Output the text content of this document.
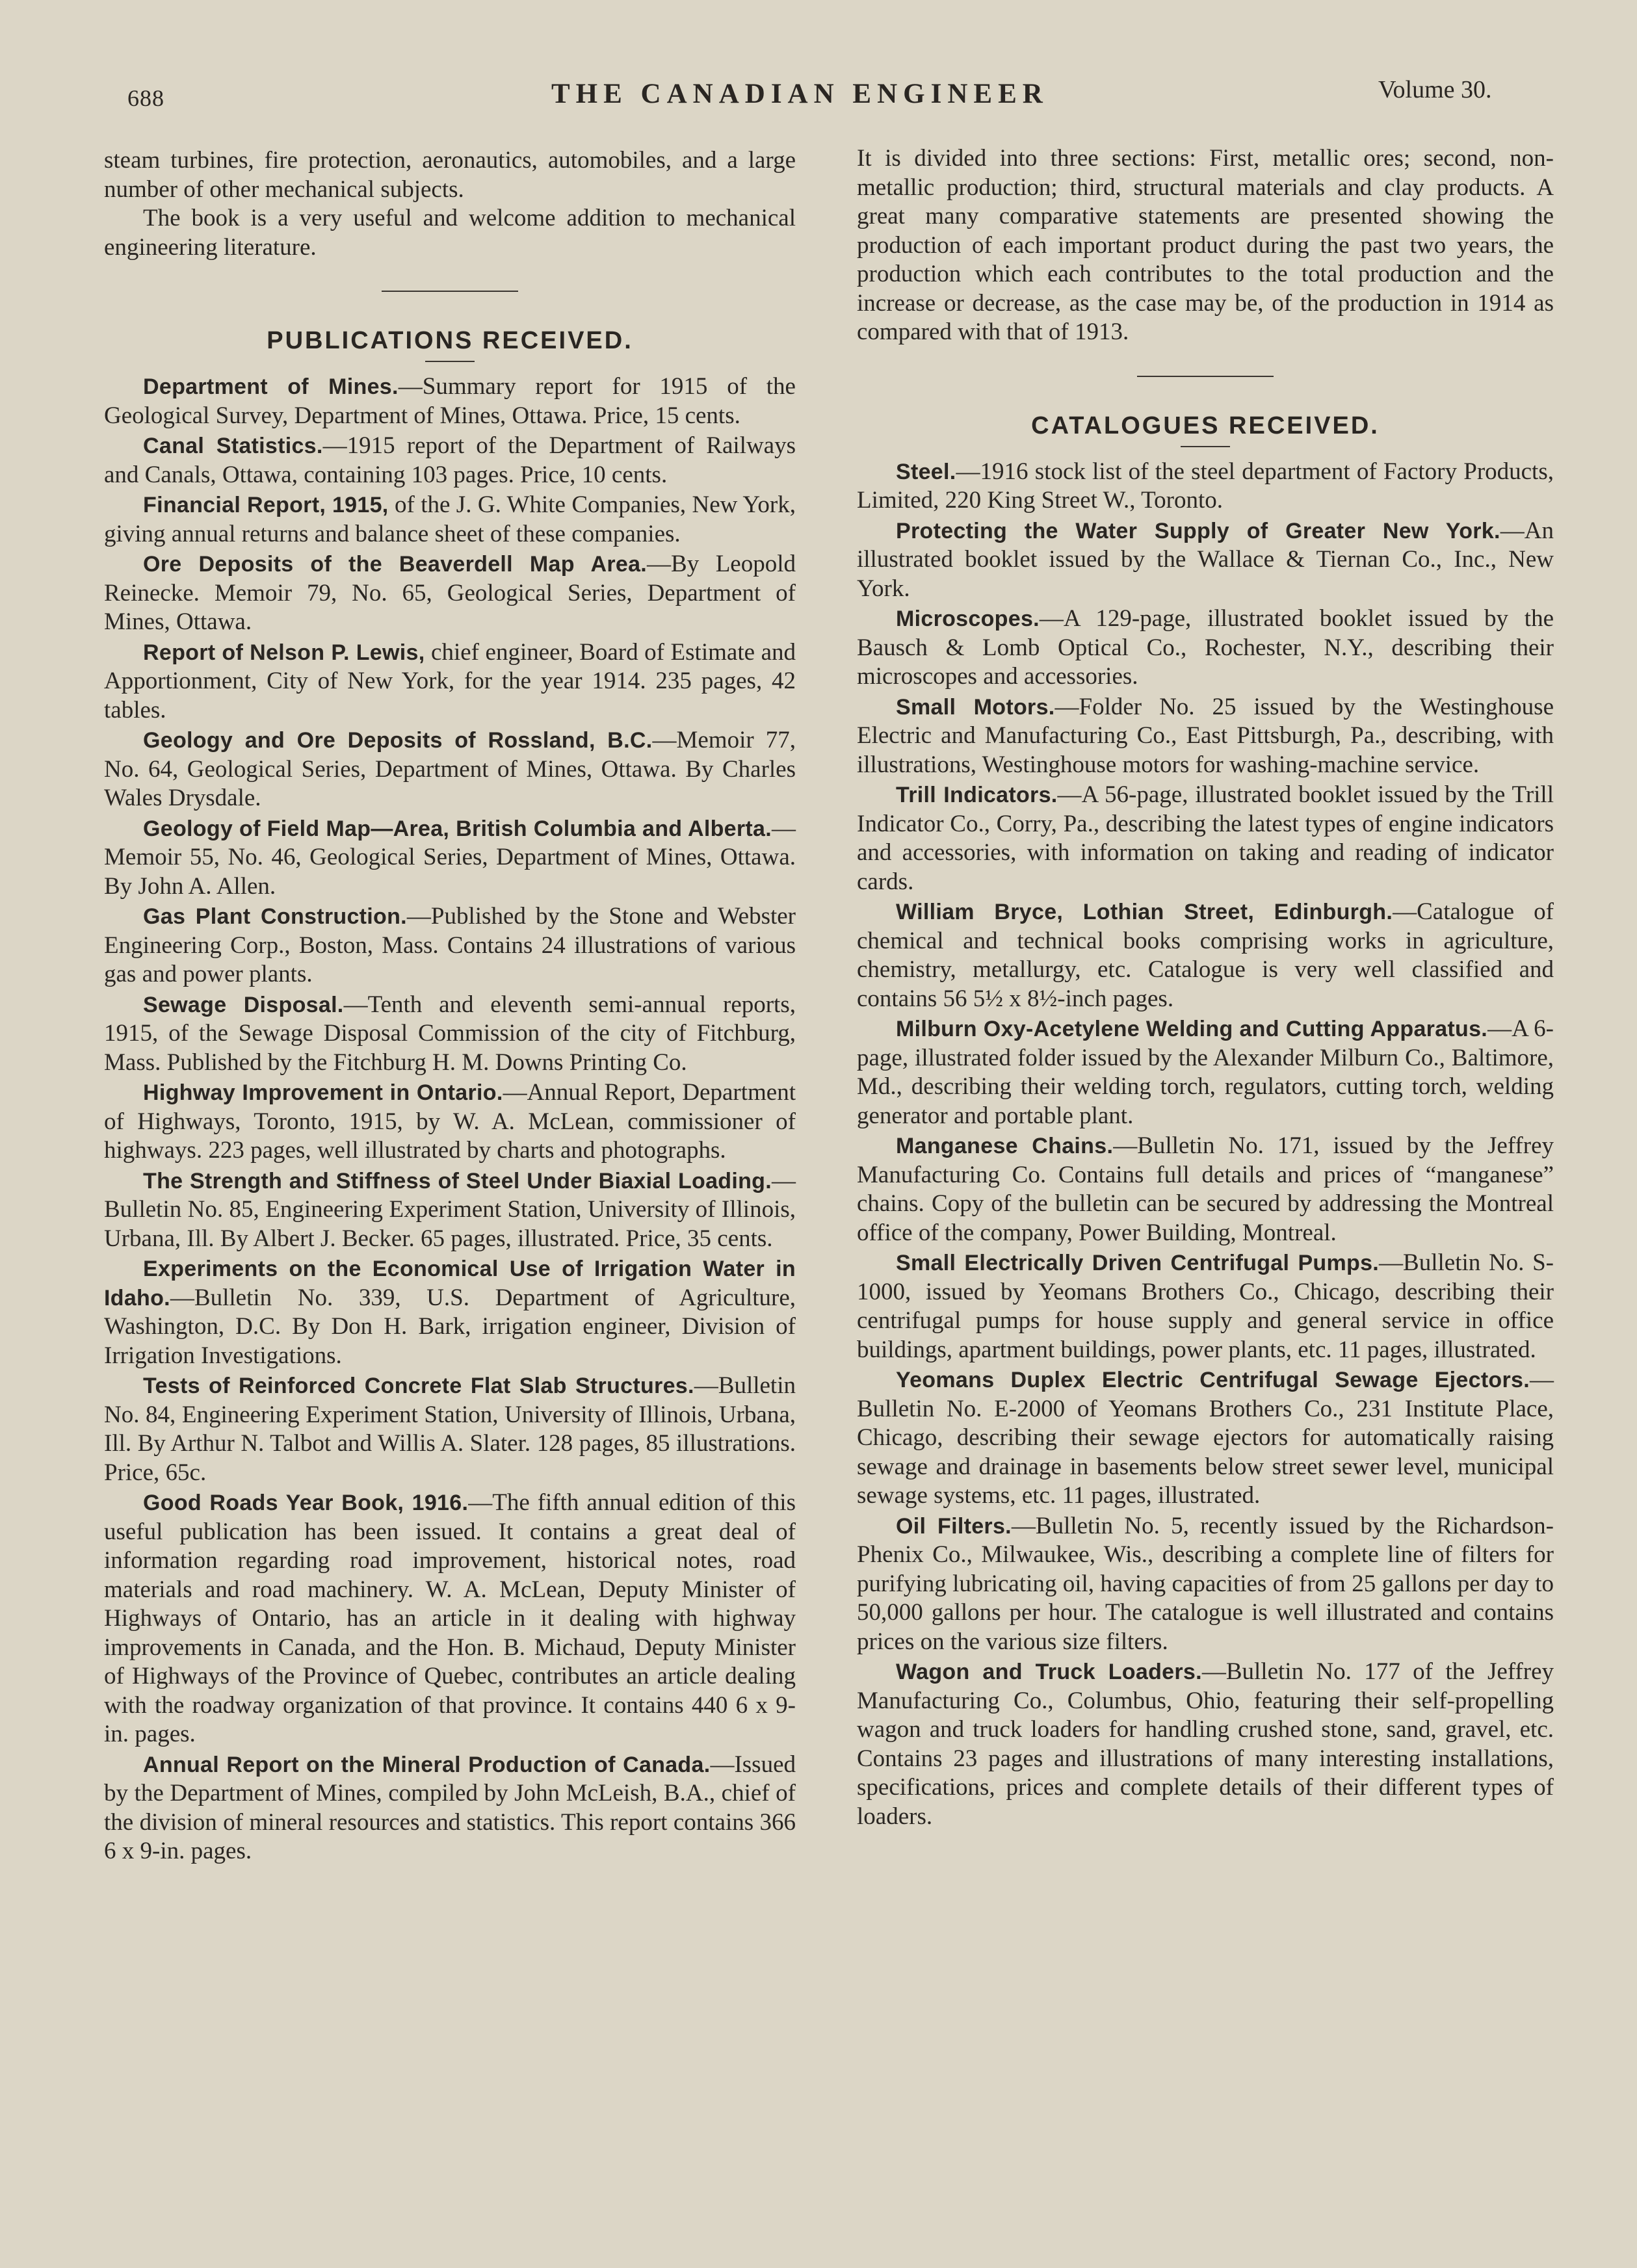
688	THE CANADIAN ENGINEER	Volume 30.

steam turbines, fire protection, aeronautics, automobiles, and a large number of other mechanical subjects.

The book is a very useful and welcome addition to mechanical engineering literature.

PUBLICATIONS RECEIVED.

Department of Mines.—Summary report for 1915 of the Geological Survey, Department of Mines, Ottawa. Price, 15 cents.

Canal Statistics.—1915 report of the Department of Railways and Canals, Ottawa, containing 103 pages. Price, 10 cents.

Financial Report, 1915, of the J. G. White Companies, New York, giving annual returns and balance sheet of these companies.

Ore Deposits of the Beaverdell Map Area.—By Leopold Reinecke. Memoir 79, No. 65, Geological Series, Department of Mines, Ottawa.

Report of Nelson P. Lewis, chief engineer, Board of Estimate and Apportionment, City of New York, for the year 1914. 235 pages, 42 tables.

Geology and Ore Deposits of Rossland, B.C.—Memoir 77, No. 64, Geological Series, Department of Mines, Ottawa. By Charles Wales Drysdale.

Geology of Field Map—Area, British Columbia and Alberta.—Memoir 55, No. 46, Geological Series, Department of Mines, Ottawa. By John A. Allen.

Gas Plant Construction.—Published by the Stone and Webster Engineering Corp., Boston, Mass. Contains 24 illustrations of various gas and power plants.

Sewage Disposal.—Tenth and eleventh semi-annual reports, 1915, of the Sewage Disposal Commission of the city of Fitchburg, Mass. Published by the Fitchburg H. M. Downs Printing Co.

Highway Improvement in Ontario.—Annual Report, Department of Highways, Toronto, 1915, by W. A. McLean, commissioner of highways. 223 pages, well illustrated by charts and photographs.

The Strength and Stiffness of Steel Under Biaxial Loading.—Bulletin No. 85, Engineering Experiment Station, University of Illinois, Urbana, Ill. By Albert J. Becker. 65 pages, illustrated. Price, 35 cents.

Experiments on the Economical Use of Irrigation Water in Idaho.—Bulletin No. 339, U.S. Department of Agriculture, Washington, D.C. By Don H. Bark, irrigation engineer, Division of Irrigation Investigations.

Tests of Reinforced Concrete Flat Slab Structures.—Bulletin No. 84, Engineering Experiment Station, University of Illinois, Urbana, Ill. By Arthur N. Talbot and Willis A. Slater. 128 pages, 85 illustrations. Price, 65c.

Good Roads Year Book, 1916.—The fifth annual edition of this useful publication has been issued. It contains a great deal of information regarding road improvement, historical notes, road materials and road machinery. W. A. McLean, Deputy Minister of Highways of Ontario, has an article in it dealing with highway improvements in Canada, and the Hon. B. Michaud, Deputy Minister of Highways of the Province of Quebec, contributes an article dealing with the roadway organization of that province. It contains 440 6 x 9-in. pages.

Annual Report on the Mineral Production of Canada.—Issued by the Department of Mines, compiled by John McLeish, B.A., chief of the division of mineral resources and statistics. This report contains 366 6 x 9-in. pages.

It is divided into three sections: First, metallic ores; second, non-metallic production; third, structural materials and clay products. A great many comparative statements are presented showing the production of each important product during the past two years, the production which each contributes to the total production and the increase or decrease, as the case may be, of the production in 1914 as compared with that of 1913.

CATALOGUES RECEIVED.

Steel.—1916 stock list of the steel department of Factory Products, Limited, 220 King Street W., Toronto.

Protecting the Water Supply of Greater New York.—An illustrated booklet issued by the Wallace & Tiernan Co., Inc., New York.

Microscopes.—A 129-page, illustrated booklet issued by the Bausch & Lomb Optical Co., Rochester, N.Y., describing their microscopes and accessories.

Small Motors.—Folder No. 25 issued by the Westinghouse Electric and Manufacturing Co., East Pittsburgh, Pa., describing, with illustrations, Westinghouse motors for washing-machine service.

Trill Indicators.—A 56-page, illustrated booklet issued by the Trill Indicator Co., Corry, Pa., describing the latest types of engine indicators and accessories, with information on taking and reading of indicator cards.

William Bryce, Lothian Street, Edinburgh.—Catalogue of chemical and technical books comprising works in agriculture, chemistry, metallurgy, etc. Catalogue is very well classified and contains 56 5½ x 8½-inch pages.

Milburn Oxy-Acetylene Welding and Cutting Apparatus.—A 6-page, illustrated folder issued by the Alexander Milburn Co., Baltimore, Md., describing their welding torch, regulators, cutting torch, welding generator and portable plant.

Manganese Chains.—Bulletin No. 171, issued by the Jeffrey Manufacturing Co. Contains full details and prices of “manganese” chains. Copy of the bulletin can be secured by addressing the Montreal office of the company, Power Building, Montreal.

Small Electrically Driven Centrifugal Pumps.—Bulletin No. S-1000, issued by Yeomans Brothers Co., Chicago, describing their centrifugal pumps for house supply and general service in office buildings, apartment buildings, power plants, etc. 11 pages, illustrated.

Yeomans Duplex Electric Centrifugal Sewage Ejectors.—Bulletin No. E-2000 of Yeomans Brothers Co., 231 Institute Place, Chicago, describing their sewage ejectors for automatically raising sewage and drainage in basements below street sewer level, municipal sewage systems, etc. 11 pages, illustrated.

Oil Filters.—Bulletin No. 5, recently issued by the Richardson-Phenix Co., Milwaukee, Wis., describing a complete line of filters for purifying lubricating oil, having capacities of from 25 gallons per day to 50,000 gallons per hour. The catalogue is well illustrated and contains prices on the various size filters.

Wagon and Truck Loaders.—Bulletin No. 177 of the Jeffrey Manufacturing Co., Columbus, Ohio, featuring their self-propelling wagon and truck loaders for handling crushed stone, sand, gravel, etc. Contains 23 pages and illustrations of many interesting installations, specifications, prices and complete details of their different types of loaders.
